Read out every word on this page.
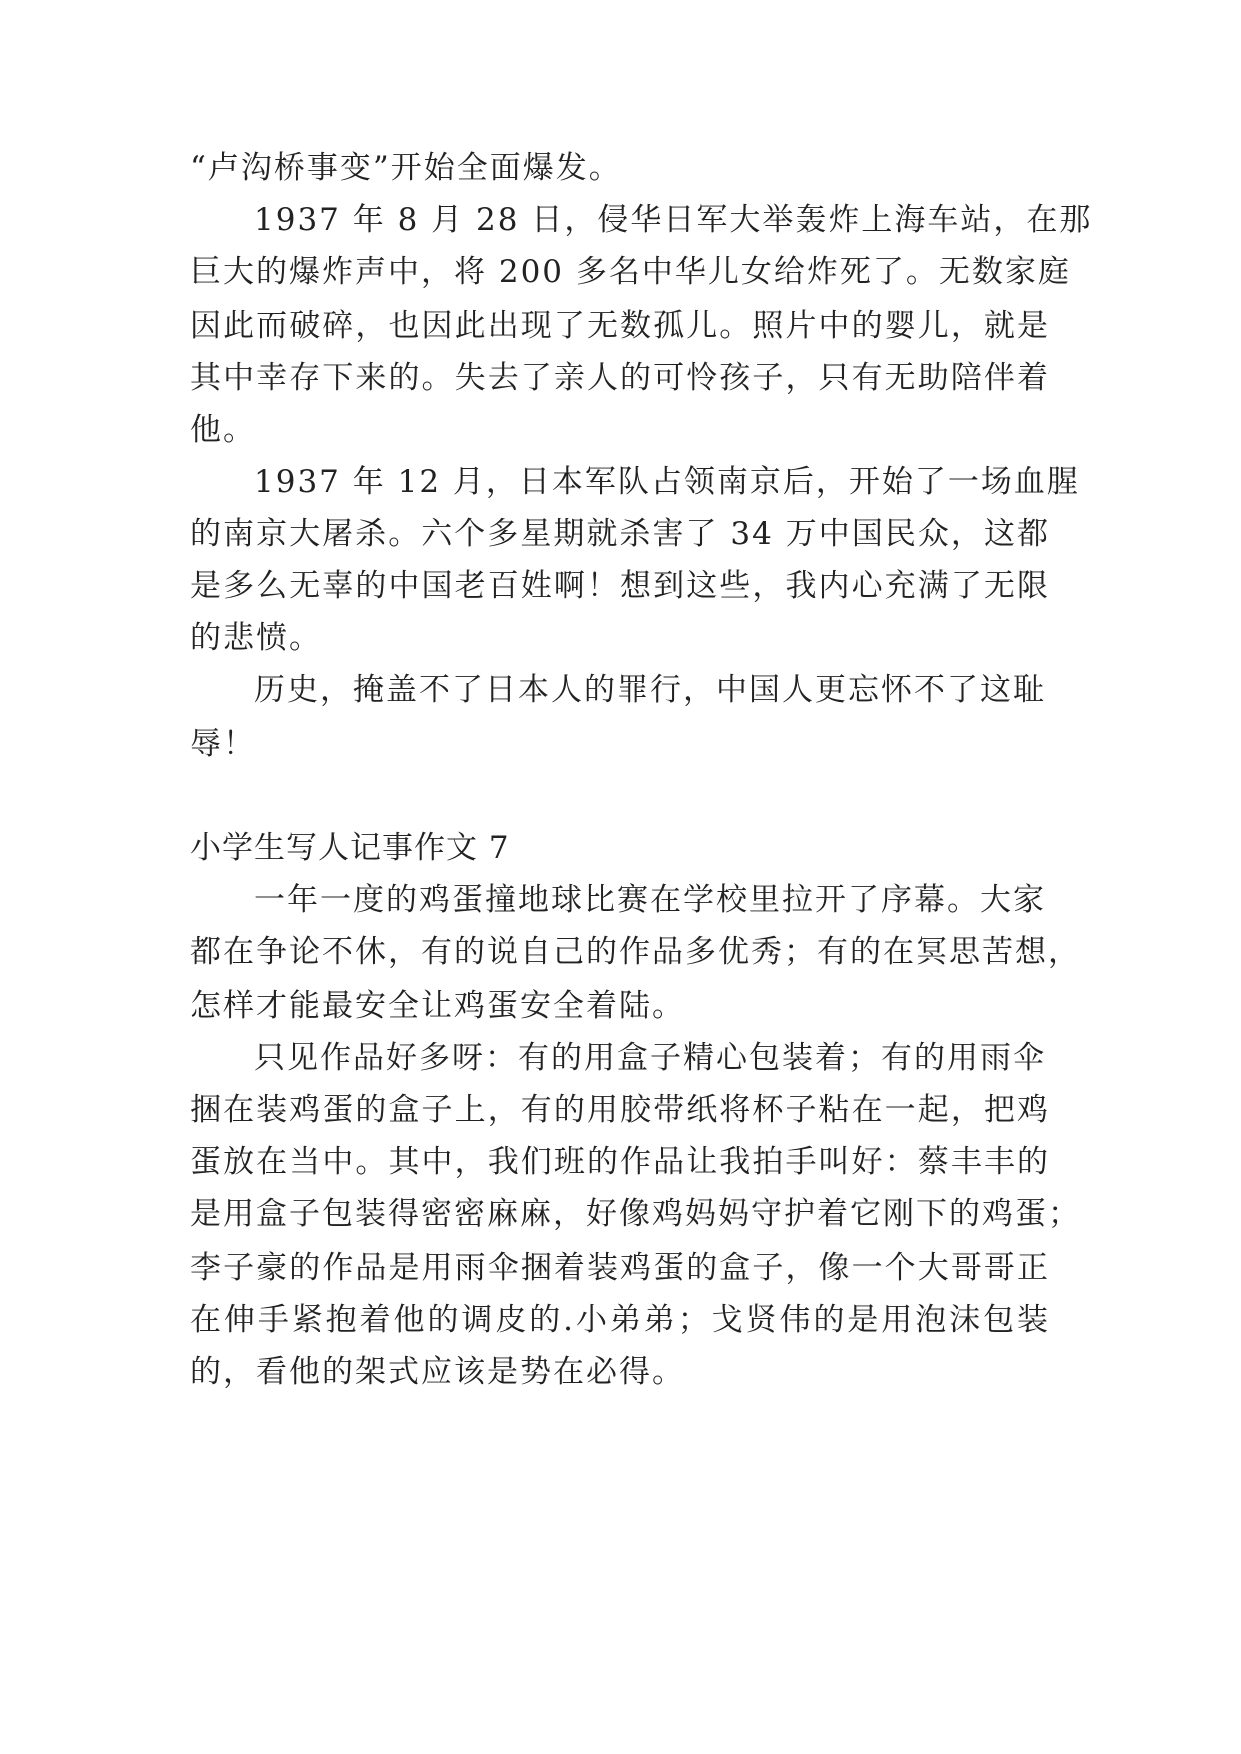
“卢沟桥事变”开始全面爆发。
1937 年 8 月 28 日，侵华日军大举轰炸上海车站，在那
巨大的爆炸声中，将 200 多名中华儿女给炸死了。无数家庭
因此而破碎，也因此出现了无数孤儿。照片中的婴儿，就是
其中幸存下来的。失去了亲人的可怜孩子，只有无助陪伴着
他。
1937 年 12 月，日本军队占领南京后，开始了一场血腥
的南京大屠杀。六个多星期就杀害了 34 万中国民众，这都
是多么无辜的中国老百姓啊！想到这些，我内心充满了无限
的悲愤。
历史，掩盖不了日本人的罪行，中国人更忘怀不了这耻
辱！
小学生写人记事作文 7
一年一度的鸡蛋撞地球比赛在学校里拉开了序幕。大家
都在争论不休，有的说自己的作品多优秀；有的在冥思苦想，
怎样才能最安全让鸡蛋安全着陆。
只见作品好多呀：有的用盒子精心包装着；有的用雨伞
捆在装鸡蛋的盒子上，有的用胶带纸将杯子粘在一起，把鸡
蛋放在当中。其中，我们班的作品让我拍手叫好：蔡丰丰的
是用盒子包装得密密麻麻，好像鸡妈妈守护着它刚下的鸡蛋；
李子豪的作品是用雨伞捆着装鸡蛋的盒子，像一个大哥哥正
在伸手紧抱着他的调皮的.小弟弟；戈贤伟的是用泡沫包装
的，看他的架式应该是势在必得。
